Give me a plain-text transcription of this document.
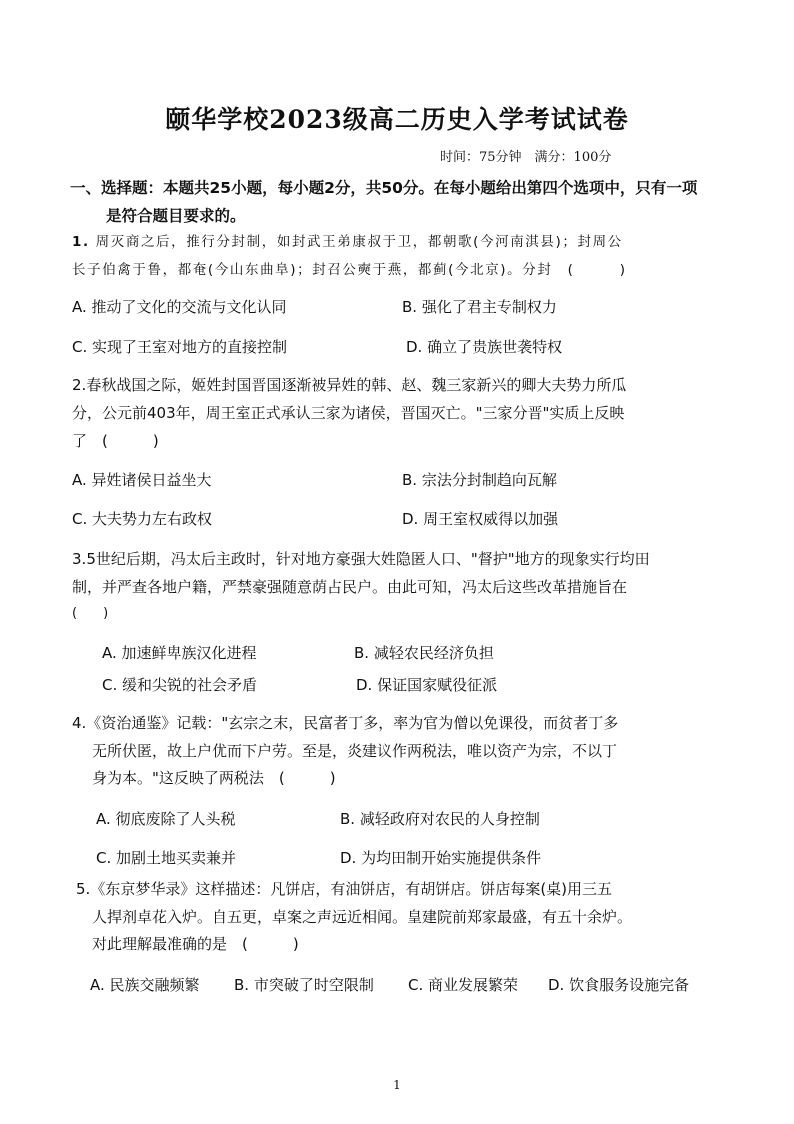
颐华学校2023级高二历史入学考试试卷
时间：75分钟　满分：100分
一、选择题：本题共25小题，每小题2分，共50分。在每小题给出第四个选项中，只有一项
是符合题目要求的。
1. 周灭商之后，推行分封制，如封武王弟康叔于卫，都朝歌(今河南淇县)；封周公
长子伯禽于鲁，都奄(今山东曲阜)；封召公奭于燕，都蓟(今北京)。分封　(　　　)
A. 推动了文化的交流与文化认同	B. 强化了君主专制权力
C. 实现了王室对地方的直接控制	D. 确立了贵族世袭特权
2.春秋战国之际，姬姓封国晋国逐渐被异姓的韩、赵、魏三家新兴的卿大夫势力所瓜
分，公元前403年，周王室正式承认三家为诸侯，晋国灭亡。"三家分晋"实质上反映
了　(　　　)
A. 异姓诸侯日益坐大	B. 宗法分封制趋向瓦解
C. 大夫势力左右政权	D. 周王室权威得以加强
3.5世纪后期，冯太后主政时，针对地方豪强大姓隐匿人口、"督护"地方的现象实行均田
制，并严查各地户籍，严禁豪强随意荫占民户。由此可知，冯太后这些改革措施旨在
(　　)
A. 加速鲜卑族汉化进程	B. 减轻农民经济负担
C. 缓和尖锐的社会矛盾	D. 保证国家赋役征派
4.《资治通鉴》记载："玄宗之末，民富者丁多，率为官为僧以免课役，而贫者丁多
无所伏匿，故上户优而下户劳。至是，炎建议作两税法，唯以资产为宗，不以丁
身为本。"这反映了两税法　(　　　)
A. 彻底废除了人头税	B. 减轻政府对农民的人身控制
C. 加剧土地买卖兼并	D. 为均田制开始实施提供条件
5.《东京梦华录》这样描述：凡饼店，有油饼店，有胡饼店。饼店每案(桌)用三五
人捍剂卓花入炉。自五更，卓案之声远近相闻。皇建院前郑家最盛，有五十余炉。
对此理解最准确的是　(　　　)
A. 民族交融频繁 B. 市突破了时空限制 C. 商业发展繁荣 D. 饮食服务设施完备
1
